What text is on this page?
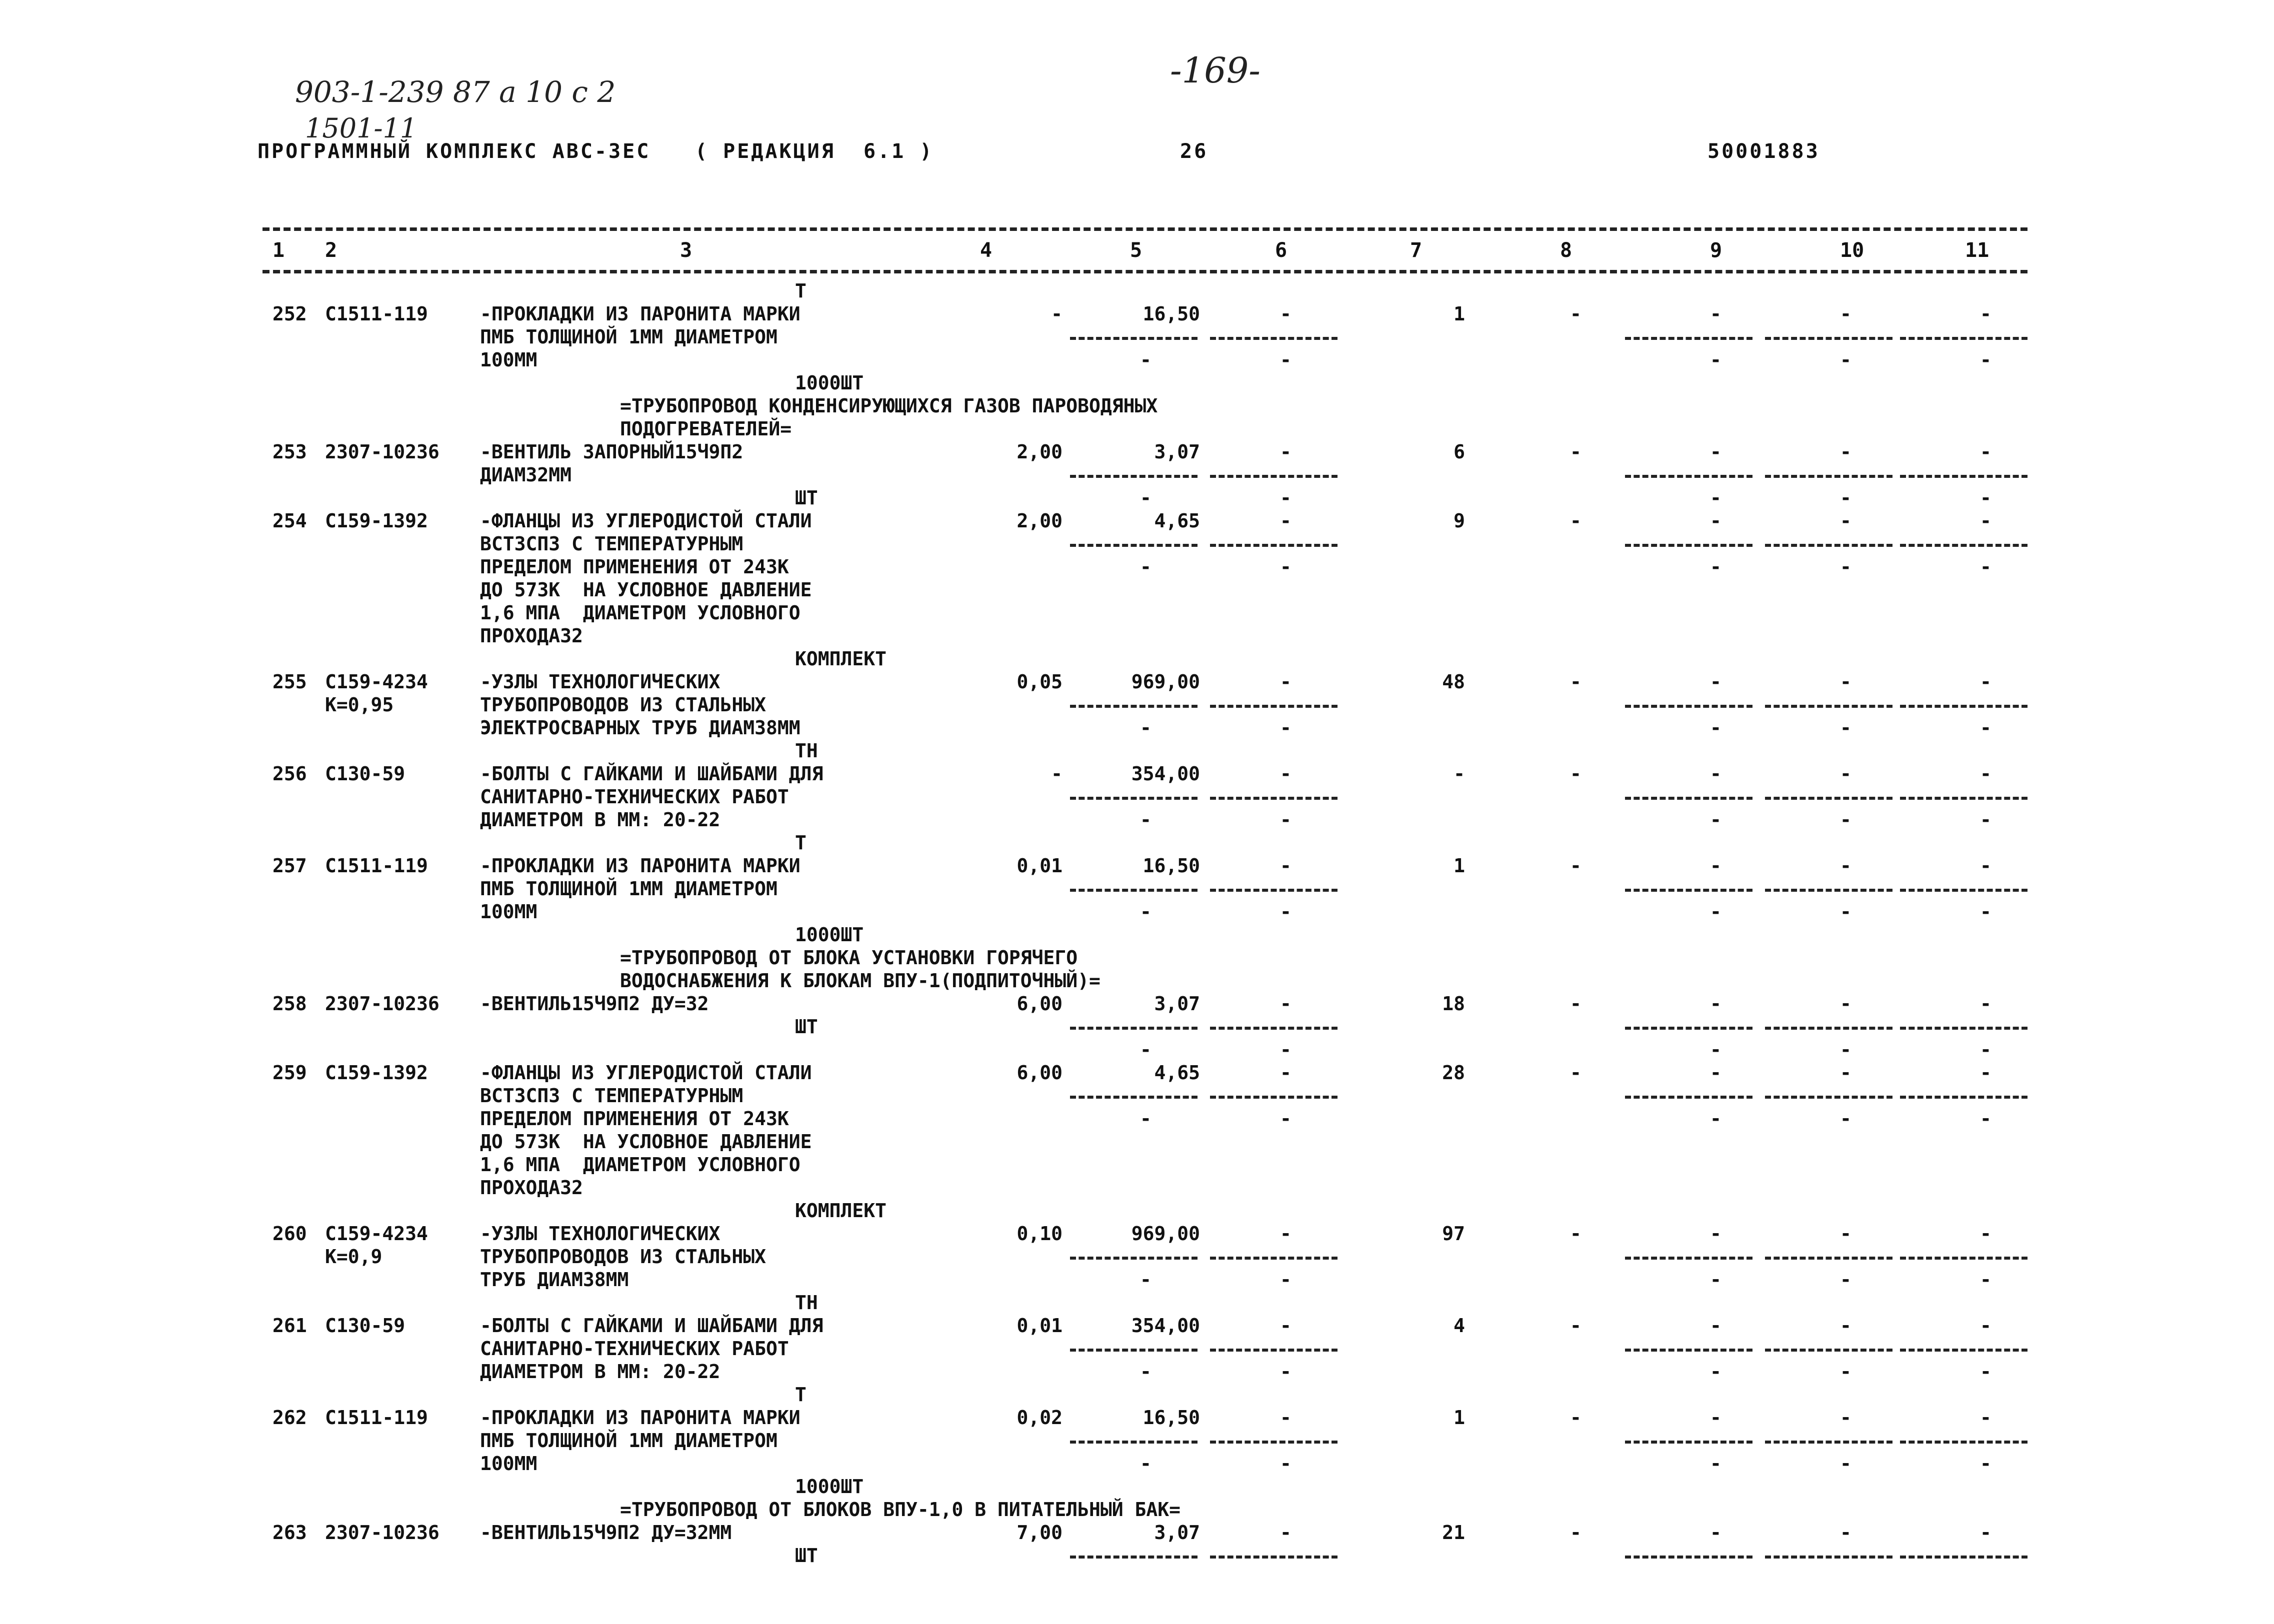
903-1-239 87 а 10 с 2
1501-11
-169-
ПРОГРАММНЫЙ КОМПЛЕКС АВС-ЗЕС ( РЕДАКЦИЯ  6.1 )	26	50001883
1 2	3	4	5	6	7	8	9	10	11
Т
252 С1511-119	-ПРОКЛАДКИ ИЗ ПАРОНИТА МАРКИ	-	16,50	-	1	-	-	-	-
ПМБ ТОЛЩИНОЙ 1ММ ДИАМЕТРОМ
100ММ	-	-	-	-	-
1000ШТ
=ТРУБОПРОВОД КОНДЕНСИРУЮЩИХСЯ ГАЗОВ ПАРОВОДЯНЫХ
ПОДОГРЕВАТЕЛЕЙ=
253 2307-10236 -ВЕНТИЛЬ ЗАПОРНЫЙ15Ч9П2	2,00	3,07	-	6	-	-	-	-
ДИАМ32ММ
ШТ	-	-	-	-	-
254 С159-1392	-ФЛАНЦЫ ИЗ УГЛЕРОДИСТОЙ СТАЛИ	2,00	4,65	-	9	-	-	-	-
ВСТ3СП3 С ТЕМПЕРАТУРНЫМ
ПРЕДЕЛОМ ПРИМЕНЕНИЯ ОТ 243К	-	-	-	-	-
ДО 573К  НА УСЛОВНОЕ ДАВЛЕНИЕ
1,6 МПА  ДИАМЕТРОМ УСЛОВНОГО
ПРОХОДА32
КОМПЛЕКТ
255 С159-4234	-УЗЛЫ ТЕХНОЛОГИЧЕСКИХ	0,05	969,00	-	48	-	-	-	-
К=0,95	ТРУБОПРОВОДОВ ИЗ СТАЛЬНЫХ
ЭЛЕКТРОСВАРНЫХ ТРУБ ДИАМ38ММ	-	-	-	-	-
ТН
256 С130-59	-БОЛТЫ С ГАЙКАМИ И ШАЙБАМИ ДЛЯ	-	354,00	-	-	-	-	-	-
САНИТАРНО-ТЕХНИЧЕСКИХ РАБОТ
ДИАМЕТРОМ В ММ: 20-22	-	-	-	-	-
Т
257 С1511-119	-ПРОКЛАДКИ ИЗ ПАРОНИТА МАРКИ	0,01	16,50	-	1	-	-	-	-
ПМБ ТОЛЩИНОЙ 1ММ ДИАМЕТРОМ
100ММ	-	-	-	-	-
1000ШТ
=ТРУБОПРОВОД ОТ БЛОКА УСТАНОВКИ ГОРЯЧЕГО
ВОДОСНАБЖЕНИЯ К БЛОКАМ ВПУ-1(ПОДПИТОЧНЫЙ)=
258 2307-10236 -ВЕНТИЛЬ15Ч9П2 ДУ=32	6,00	3,07	-	18	-	-	-	-
ШТ
-	-	-	-	-
259 С159-1392	-ФЛАНЦЫ ИЗ УГЛЕРОДИСТОЙ СТАЛИ	6,00	4,65	-	28	-	-	-	-
ВСТ3СП3 С ТЕМПЕРАТУРНЫМ
ПРЕДЕЛОМ ПРИМЕНЕНИЯ ОТ 243К	-	-	-	-	-
ДО 573К  НА УСЛОВНОЕ ДАВЛЕНИЕ
1,6 МПА  ДИАМЕТРОМ УСЛОВНОГО
ПРОХОДА32
КОМПЛЕКТ
260 С159-4234	-УЗЛЫ ТЕХНОЛОГИЧЕСКИХ	0,10	969,00	-	97	-	-	-	-
К=0,9	ТРУБОПРОВОДОВ ИЗ СТАЛЬНЫХ
ТРУБ ДИАМ38ММ	-	-	-	-	-
ТН
261 С130-59	-БОЛТЫ С ГАЙКАМИ И ШАЙБАМИ ДЛЯ	0,01	354,00	-	4	-	-	-	-
САНИТАРНО-ТЕХНИЧЕСКИХ РАБОТ
ДИАМЕТРОМ В ММ: 20-22	-	-	-	-	-
Т
262 С1511-119	-ПРОКЛАДКИ ИЗ ПАРОНИТА МАРКИ	0,02	16,50	-	1	-	-	-	-
ПМБ ТОЛЩИНОЙ 1ММ ДИАМЕТРОМ
100ММ	-	-	-	-	-
1000ШТ
=ТРУБОПРОВОД ОТ БЛОКОВ ВПУ-1,0 В ПИТАТЕЛЬНЫЙ БАК=
263 2307-10236 -ВЕНТИЛЬ15Ч9П2 ДУ=32ММ	7,00	3,07	-	21	-	-	-	-
ШТ
